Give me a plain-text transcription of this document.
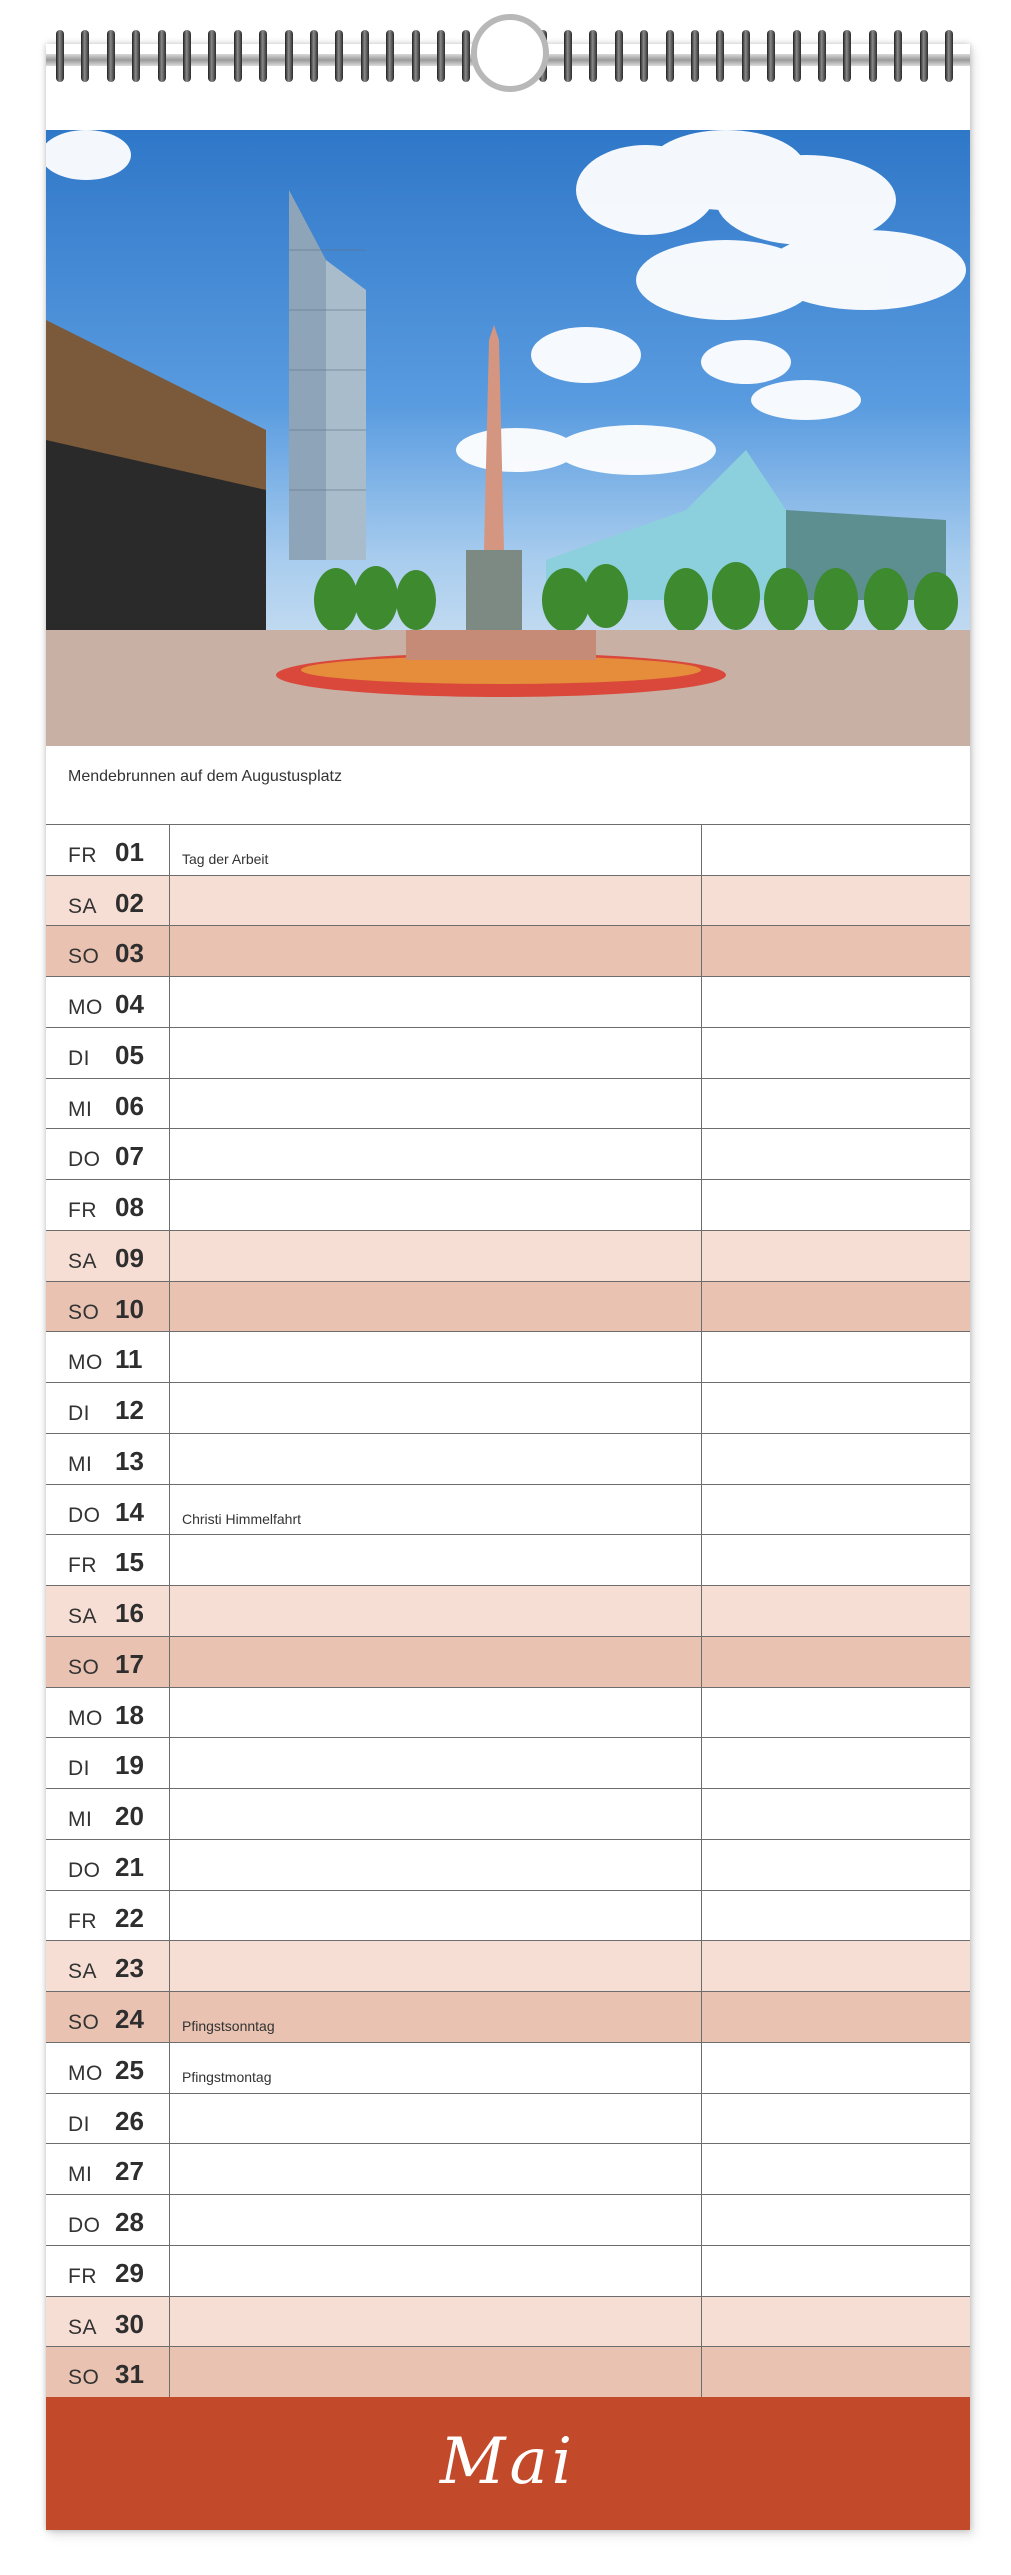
Mendebrunnen auf dem Augustusplatz
FR 01	Tag der Arbeit
SA 02
SO 03
MO 04
DI 05
MI 06
DO 07
FR 08
SA 09
SO 10
MO 11
DI 12
MI 13
DO 14	Christi Himmelfahrt
FR 15
SA 16
SO 17
MO 18
DI 19
MI 20
DO 21
FR 22
SA 23
SO 24	Pfingstsonntag
MO 25	Pfingstmontag
DI 26
MI 27
DO 28
FR 29
SA 30
SO 31
Mai
